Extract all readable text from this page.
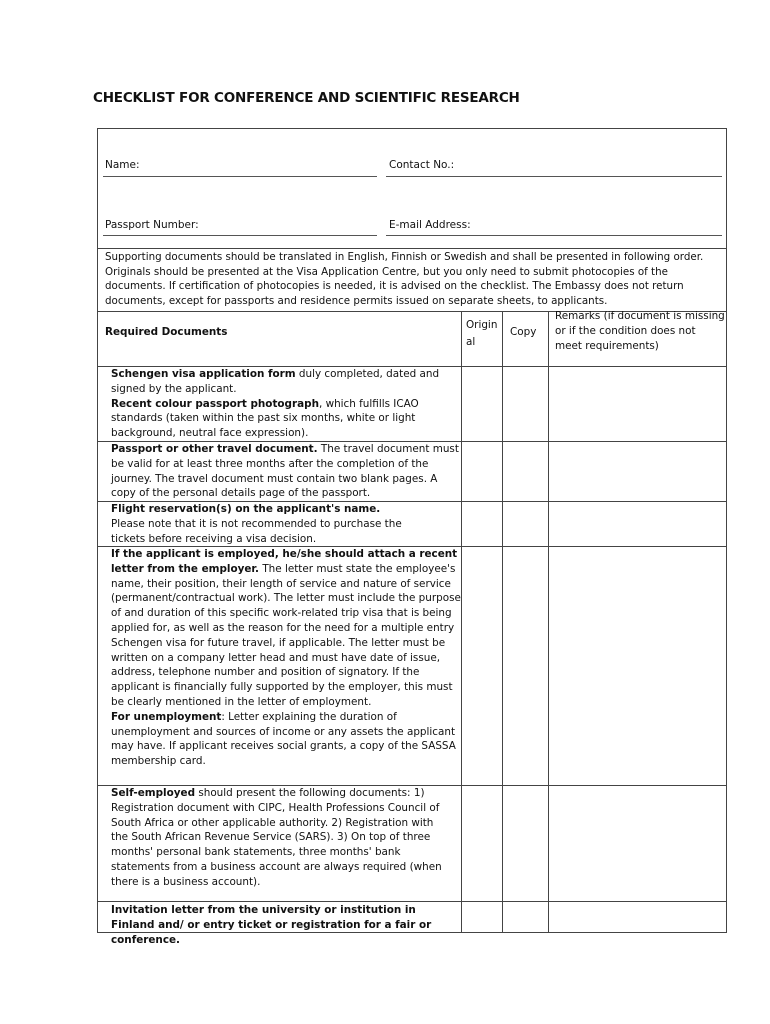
CHECKLIST FOR CONFERENCE AND SCIENTIFIC RESEARCH
Name:	Contact No.:
Passport Number:	E-mail Address:
Supporting documents should be translated in English, Finnish or Swedish and shall be presented in following order. Originals should be presented at the Visa Application Centre, but you only need to submit photocopies of the documents. If certification of photocopies is needed, it is advised on the checklist. The Embassy does not return documents, except for passports and residence permits issued on separate sheets, to applicants.
Required Documents
Original
Copy
Remarks (if document is missing or if the condition does not meet requirements)
Schengen visa application form duly completed, dated and signed by the applicant.
Recent colour passport photograph, which fulfills ICAO standards (taken within the past six months, white or light background, neutral face expression).
Passport or other travel document. The travel document must be valid for at least three months after the completion of the journey. The travel document must contain two blank pages. A copy of the personal details page of the passport.
Flight reservation(s) on the applicant's name. Please note that it is not recommended to purchase the tickets before receiving a visa decision.
If the applicant is employed, he/she should attach a recent letter from the employer. The letter must state the employee's name, their position, their length of service and nature of service (permanent/contractual work). The letter must include the purpose of and duration of this specific work-related trip visa that is being applied for, as well as the reason for the need for a multiple entry Schengen visa for future travel, if applicable. The letter must be written on a company letter head and must have date of issue, address, telephone number and position of signatory. If the applicant is financially fully supported by the employer, this must be clearly mentioned in the letter of employment.
For unemployment: Letter explaining the duration of unemployment and sources of income or any assets the applicant may have. If applicant receives social grants, a copy of the SASSA membership card.
Self-employed should present the following documents: 1) Registration document with CIPC, Health Professions Council of South Africa or other applicable authority. 2) Registration with the South African Revenue Service (SARS). 3) On top of three months' personal bank statements, three months' bank statements from a business account are always required (when there is a business account).
Invitation letter from the university or institution in Finland and/ or entry ticket or registration for a fair or conference.
